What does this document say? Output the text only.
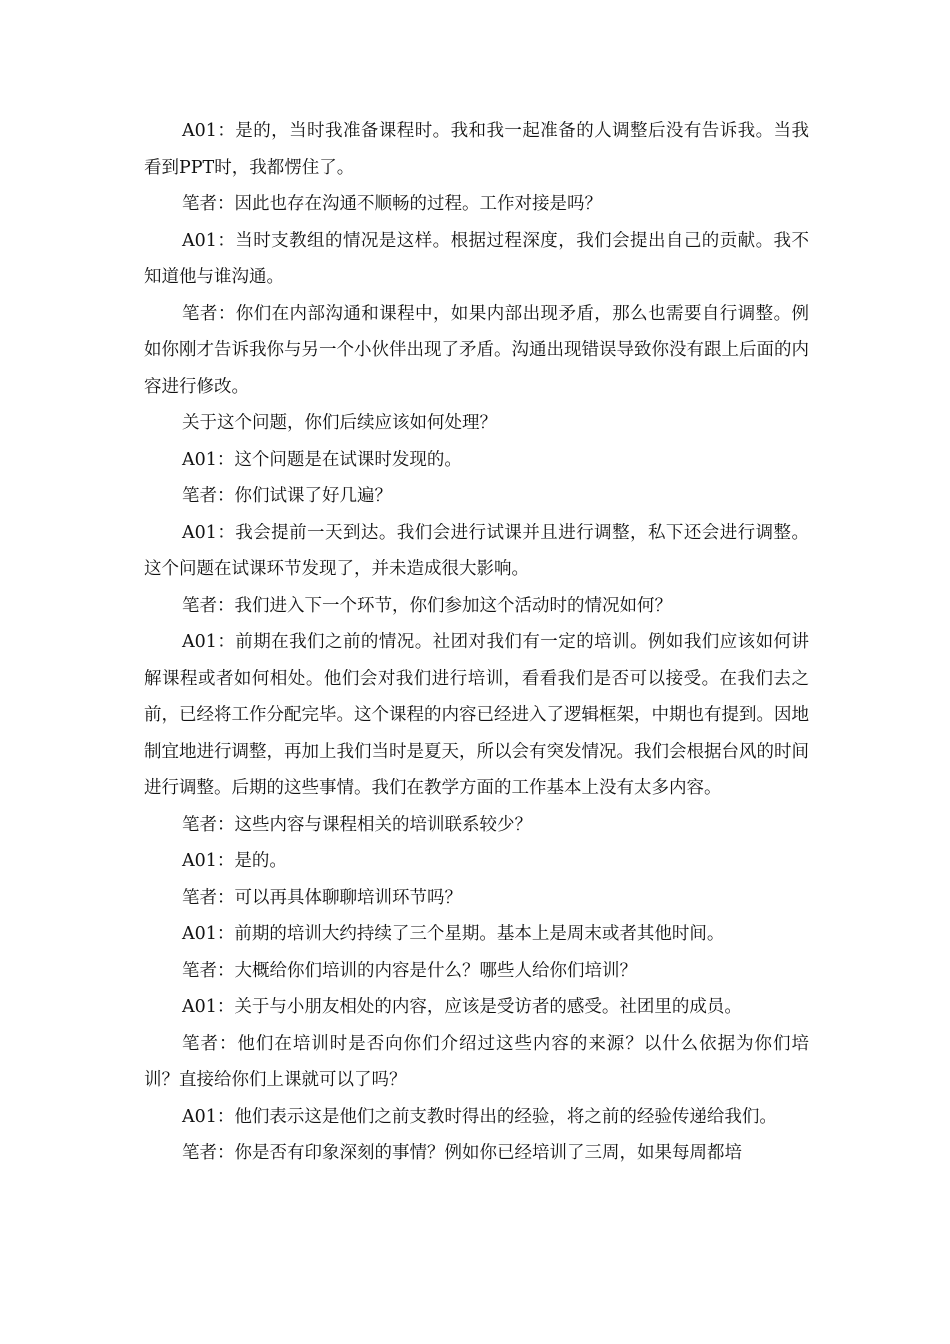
A01：是的，当时我准备课程时。我和我一起准备的人调整后没有告诉我。当我看到PPT时，我都愣住了。

笔者：因此也存在沟通不顺畅的过程。工作对接是吗？

A01：当时支教组的情况是这样。根据过程深度，我们会提出自己的贡献。我不知道他与谁沟通。

笔者：你们在内部沟通和课程中，如果内部出现矛盾，那么也需要自行调整。例如你刚才告诉我你与另一个小伙伴出现了矛盾。沟通出现错误导致你没有跟上后面的内容进行修改。

关于这个问题，你们后续应该如何处理？

A01：这个问题是在试课时发现的。

笔者：你们试课了好几遍？

A01：我会提前一天到达。我们会进行试课并且进行调整，私下还会进行调整。这个问题在试课环节发现了，并未造成很大影响。

笔者：我们进入下一个环节，你们参加这个活动时的情况如何？

A01：前期在我们之前的情况。社团对我们有一定的培训。例如我们应该如何讲解课程或者如何相处。他们会对我们进行培训，看看我们是否可以接受。在我们去之前，已经将工作分配完毕。这个课程的内容已经进入了逻辑框架，中期也有提到。因地制宜地进行调整，再加上我们当时是夏天，所以会有突发情况。我们会根据台风的时间进行调整。后期的这些事情。我们在教学方面的工作基本上没有太多内容。

笔者：这些内容与课程相关的培训联系较少？

A01：是的。

笔者：可以再具体聊聊培训环节吗？

A01：前期的培训大约持续了三个星期。基本上是周末或者其他时间。

笔者：大概给你们培训的内容是什么？哪些人给你们培训？

A01：关于与小朋友相处的内容，应该是受访者的感受。社团里的成员。

笔者：他们在培训时是否向你们介绍过这些内容的来源？以什么依据为你们培训？直接给你们上课就可以了吗？

A01：他们表示这是他们之前支教时得出的经验，将之前的经验传递给我们。

笔者：你是否有印象深刻的事情？例如你已经培训了三周，如果每周都培
